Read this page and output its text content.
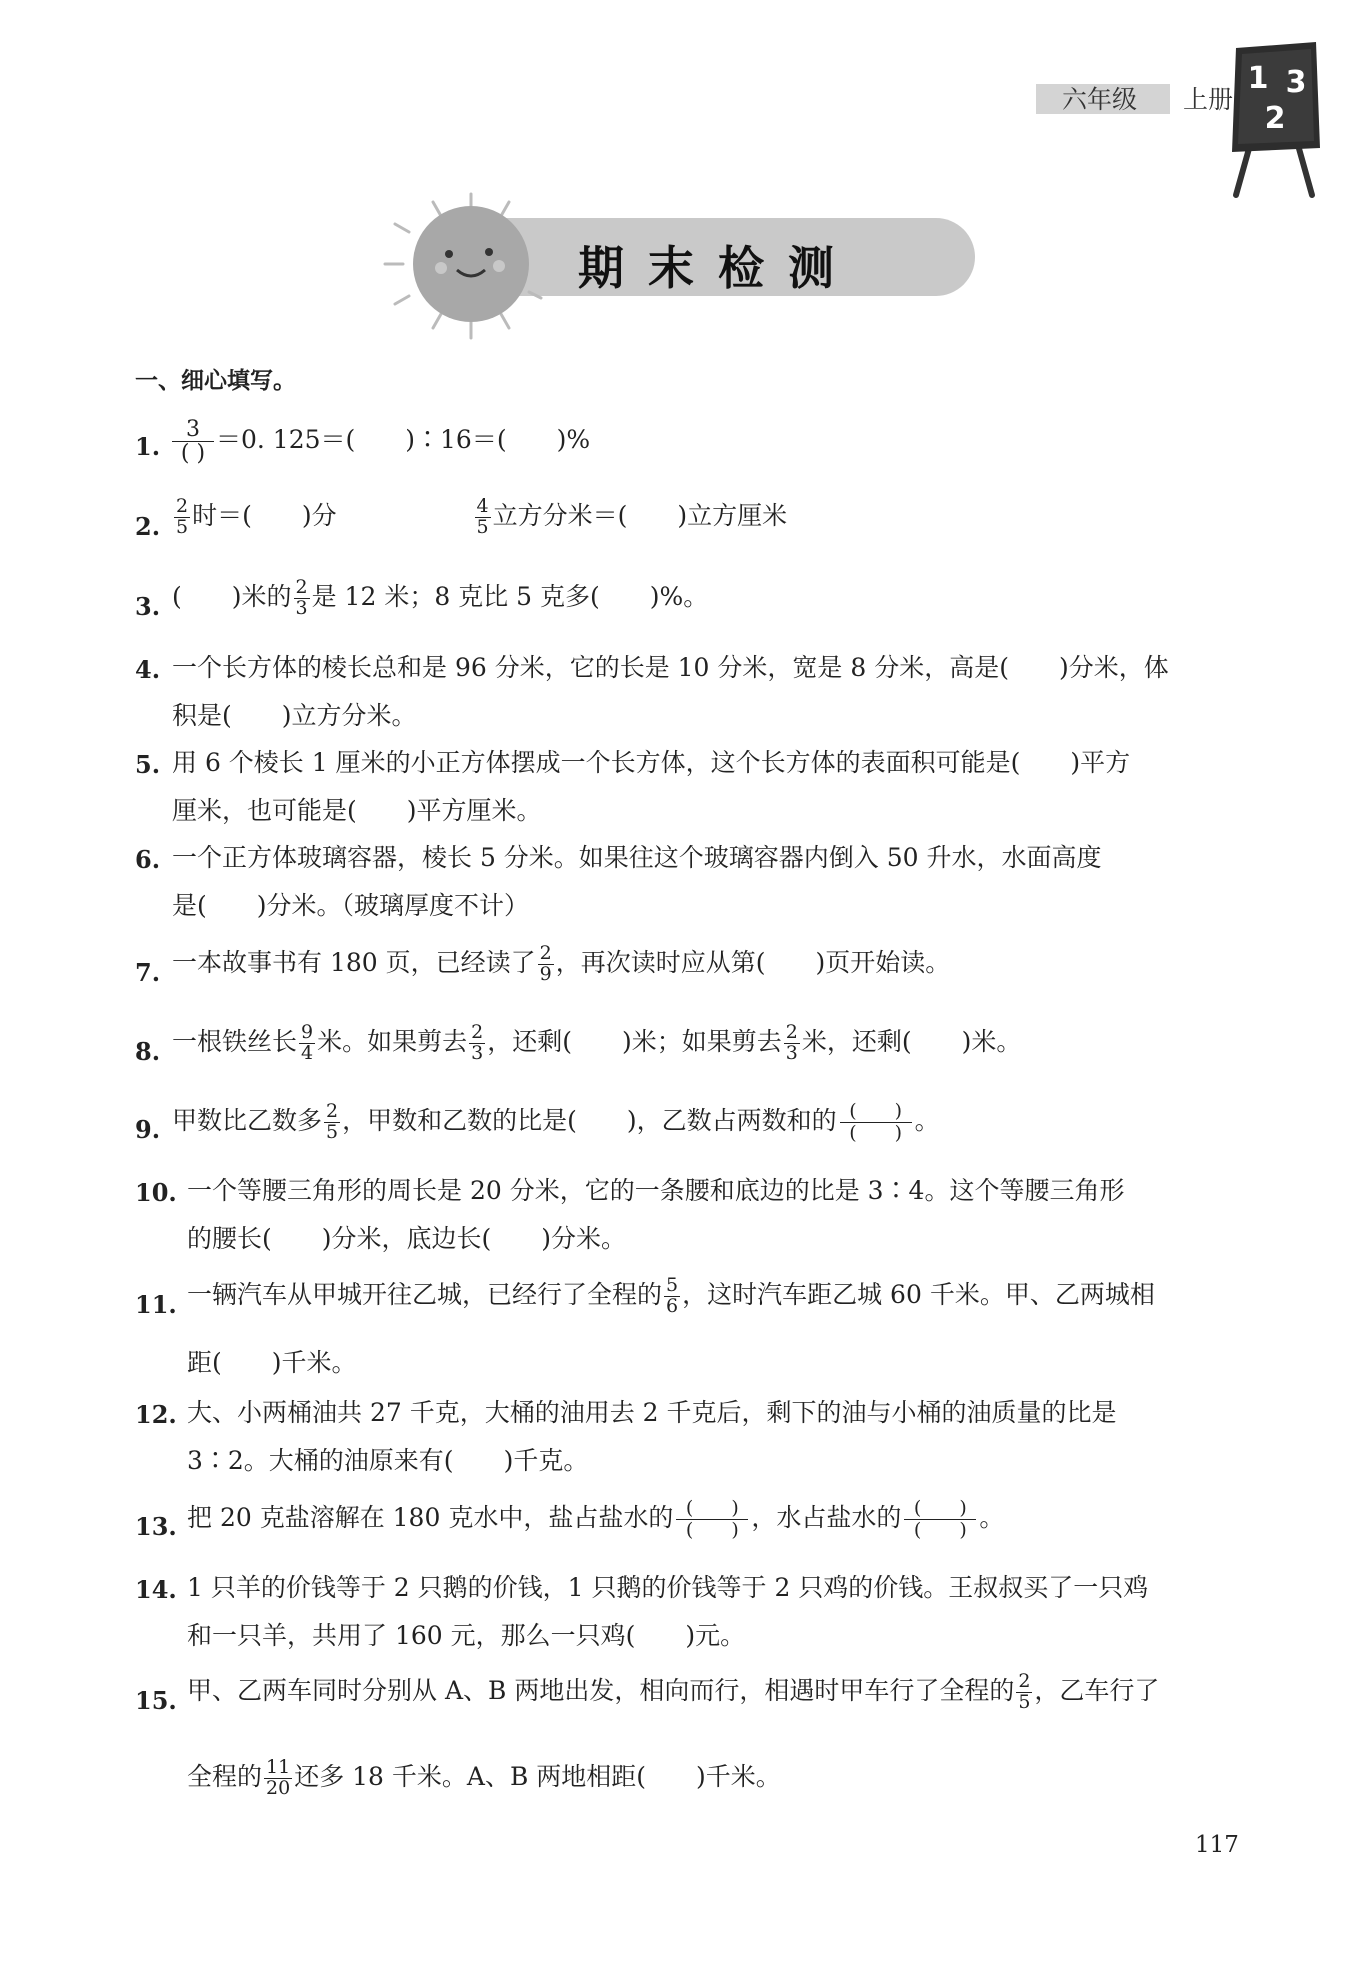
六年级 上册
1 3
2
期末检测
一、细心填写。
1. $\frac{3}{( )} =0$. 125＝(　　)∶16＝(　　)%
2. $\frac{2}{5}$ 时＝(　　)分	$\frac{4}{5}$ 立方分米＝(　　)立方厘米
3. (　　)米的 $\frac{2}{3}$ 是 12 米；8 克比 5 克多(　　)%。
4. 一个长方体的棱长总和是 96 分米，它的长是 10 分米，宽是 8 分米，高是(　　)分米，体
积是(　　)立方分米。
5. 用 6 个棱长 1 厘米的小正方体摆成一个长方体，这个长方体的表面积可能是(　　)平方
厘米，也可能是(　　)平方厘米。
6. 一个正方体玻璃容器，棱长 5 分米。如果往这个玻璃容器内倒入 50 升水，水面高度
是(　　)分米。（玻璃厚度不计）
7. 一本故事书有 180 页，已经读了 $\frac{2}{9}$ ，再次读时应从第(　　)页开始读。
8. 一根铁丝长 $\frac{9}{4}$ 米。如果剪去 $\frac{2}{3}$ ，还剩(　　)米；如果剪去 $\frac{2}{3}$ 米，还剩(　　)米。
9. 甲数比乙数多 $\frac{2}{5}$ ，甲数和乙数的比是(　　)，乙数占两数和的 (　　)
(　　) 。
10. 一个等腰三角形的周长是 20 分米，它的一条腰和底边的比是 3∶4。这个等腰三角形
的腰长(　　)分米，底边长(　　)分米。
11. 一辆汽车从甲城开往乙城，已经行了全程的 $\frac{5}{6}$ ，这时汽车距乙城 60 千米。甲、乙两城相
距(　　)千米。
12. 大、小两桶油共 27 千克，大桶的油用去 2 千克后，剩下的油与小桶的油质量的比是
3∶2。大桶的油原来有(　　)千克。
13. 把 20 克盐溶解在 180 克水中，盐占盐水的 (　　)
(　　) ，水占盐水的 (　　)
(　　) 。
14. 1 只羊的价钱等于 2 只鹅的价钱，1 只鹅的价钱等于 2 只鸡的价钱。王叔叔买了一只鸡
和一只羊，共用了 160 元，那么一只鸡(　　)元。
15. 甲、乙两车同时分别从 A、B 两地出发，相向而行，相遇时甲车行了全程的 $\frac{2}{5}$ ，乙车行了
全程的 $\frac{11}{20}$ 还多 18 千米。A、B 两地相距(　　)千米。
117
